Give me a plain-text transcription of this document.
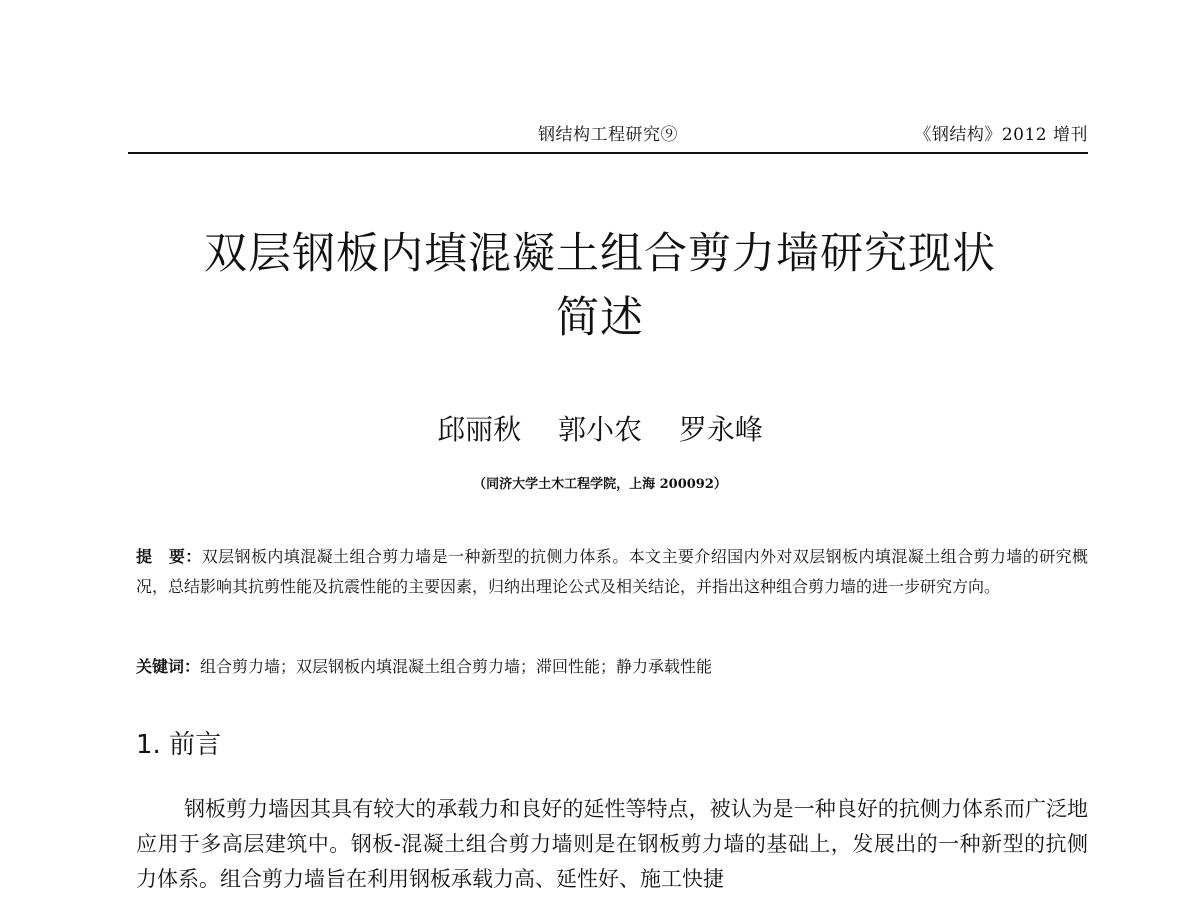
钢结构工程研究⑨	《钢结构》2012 增刊
双层钢板内填混凝土组合剪力墙研究现状
简述
邱丽秋 郭小农 罗永峰
（同济大学土木工程学院，上海 200092）
提　要：双层钢板内填混凝土组合剪力墙是一种新型的抗侧力体系。本文主要介绍国内外对双层钢板内填混凝土组合剪力墙的研究概况，总结影响其抗剪性能及抗震性能的主要因素，归纳出理论公式及相关结论，并指出这种组合剪力墙的进一步研究方向。
关键词：组合剪力墙；双层钢板内填混凝土组合剪力墙；滞回性能；静力承载性能
1. 前言
钢板剪力墙因其具有较大的承载力和良好的延性等特点，被认为是一种良好的抗侧力体系而广泛地应用于多高层建筑中。钢板-混凝土组合剪力墙则是在钢板剪力墙的基础上，发展出的一种新型的抗侧力体系。组合剪力墙旨在利用钢板承载力高、延性好、施工快捷
